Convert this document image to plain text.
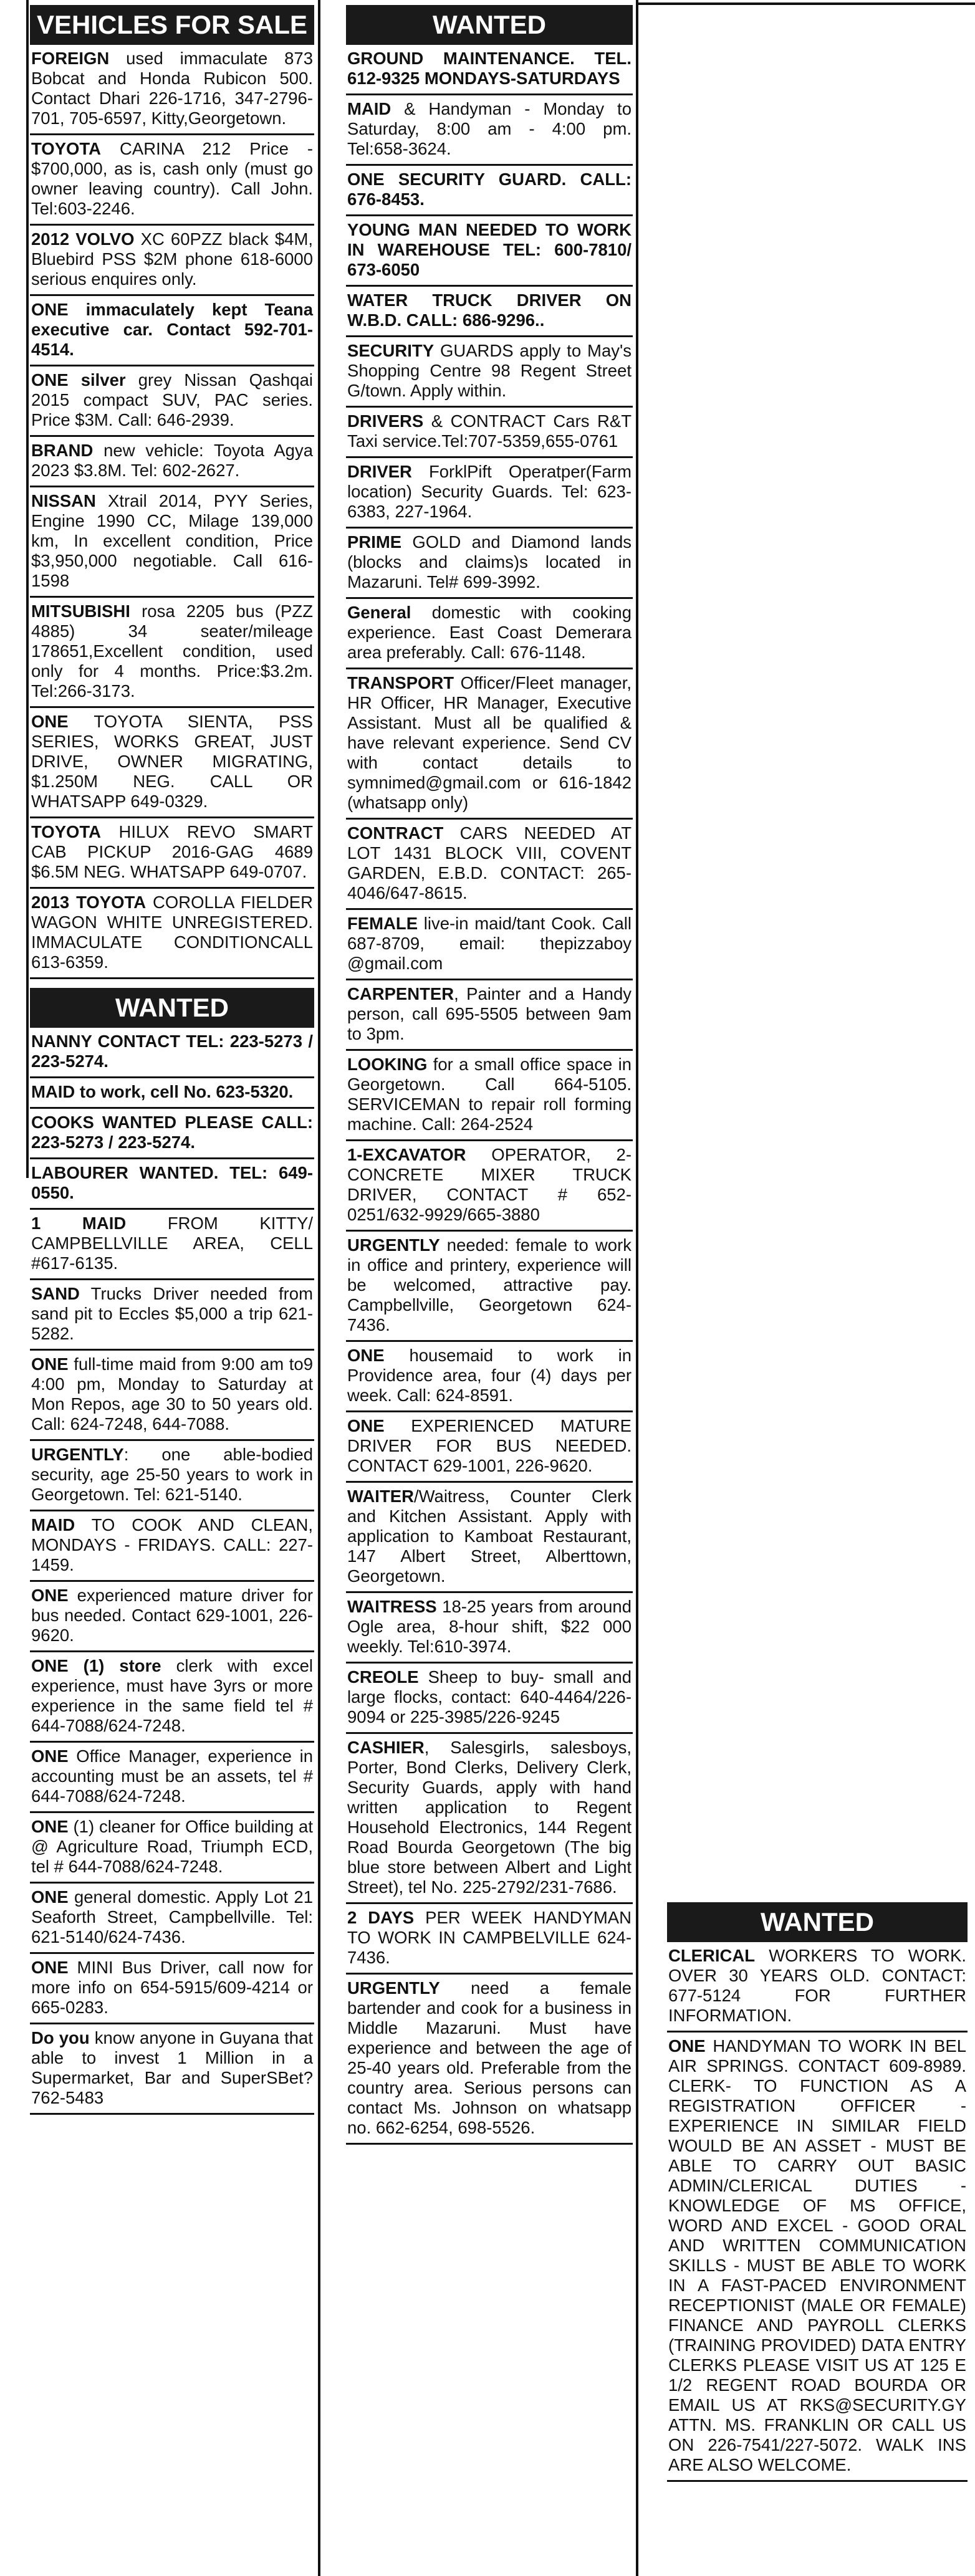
VEHICLES FOR SALE
FOREIGN used immaculate 873 Bobcat and Honda Rubicon 500. Contact Dhari 226-1716, 347-2796-701, 705-6597, Kitty,Georgetown.
TOYOTA CARINA 212 Price - $700,000, as is, cash only (must go owner leaving country). Call John. Tel:603-2246.
2012 VOLVO XC 60PZZ black $4M, Bluebird PSS $2M phone 618-6000 serious enquires only.
ONE immaculately kept Teana executive car. Contact 592-701-4514.
ONE silver grey Nissan Qashqai 2015 compact SUV, PAC series. Price $3M. Call: 646-2939.
BRAND new vehicle: Toyota Agya 2023 $3.8M. Tel: 602-2627.
NISSAN Xtrail 2014, PYY Series, Engine 1990 CC, Milage 139,000 km, In excellent condition, Price $3,950,000 negotiable. Call 616-1598
MITSUBISHI rosa 2205 bus (PZZ 4885) 34 seater/mileage 178651,Excellent condition, used only for 4 months. Price:$3.2m. Tel:266-3173.
ONE TOYOTA SIENTA, PSS SERIES, WORKS GREAT, JUST DRIVE, OWNER MIGRATING, $1.250M NEG. CALL OR WHATSAPP 649-0329.
TOYOTA HILUX REVO SMART CAB PICKUP 2016-GAG 4689 $6.5M NEG. WHATSAPP 649-0707.
2013 TOYOTA COROLLA FIELDER WAGON WHITE UNREGISTERED. IMMACULATE CONDITIONCALL 613-6359.
WANTED
NANNY CONTACT TEL: 223-5273 / 223-5274.
MAID to work, cell No. 623-5320.
COOKS WANTED PLEASE CALL: 223-5273 / 223-5274.
LABOURER WANTED. TEL: 649-0550.
1 MAID FROM KITTY/ CAMPBELLVILLE AREA, CELL #617-6135.
SAND Trucks Driver needed from sand pit to Eccles $5,000 a trip 621-5282.
ONE full-time maid from 9:00 am to9 4:00 pm, Monday to Saturday at Mon Repos, age 30 to 50 years old. Call: 624-7248, 644-7088.
URGENTLY: one able-bodied security, age 25-50 years to work in Georgetown. Tel: 621-5140.
MAID TO COOK AND CLEAN, MONDAYS - FRIDAYS. CALL: 227-1459.
ONE experienced mature driver for bus needed. Contact 629-1001, 226-9620.
ONE (1) store clerk with excel experience, must have 3yrs or more experience in the same field tel # 644-7088/624-7248.
ONE Office Manager, experience in accounting must be an assets, tel # 644-7088/624-7248.
ONE (1) cleaner for Office building at @ Agriculture Road, Triumph ECD, tel # 644-7088/624-7248.
ONE general domestic. Apply Lot 21 Seaforth Street, Campbellville. Tel: 621-5140/624-7436.
ONE MINI Bus Driver, call now for more info on 654-5915/609-4214 or 665-0283.
Do you know anyone in Guyana that able to invest 1 Million in a Supermarket, Bar and SuperSBet? 762-5483
WANTED
GROUND MAINTENANCE. TEL. 612-9325 MONDAYS-SATURDAYS
MAID & Handyman - Monday to Saturday, 8:00 am - 4:00 pm. Tel:658-3624.
ONE SECURITY GUARD. CALL: 676-8453.
YOUNG MAN NEEDED TO WORK IN WAREHOUSE TEL: 600-7810/ 673-6050
WATER TRUCK DRIVER ON W.B.D. CALL: 686-9296..
SECURITY GUARDS apply to May's Shopping Centre 98 Regent Street G/town. Apply within.
DRIVERS & CONTRACT Cars R&T Taxi service.Tel:707-5359,655-0761
DRIVER ForklPift Operatper(Farm location) Security Guards. Tel: 623-6383, 227-1964.
PRIME GOLD and Diamond lands (blocks and claims)s located in Mazaruni. Tel# 699-3992.
General domestic with cooking experience. East Coast Demerara area preferably. Call: 676-1148.
TRANSPORT Officer/Fleet manager, HR Officer, HR Manager, Executive Assistant. Must all be qualified & have relevant experience. Send CV with contact details to symnimed@gmail.com or 616-1842 (whatsapp only)
CONTRACT CARS NEEDED AT LOT 1431 BLOCK VIII, COVENT GARDEN, E.B.D. CONTACT: 265-4046/647-8615.
FEMALE live-in maid/tant Cook. Call 687-8709, email: thepizzaboy @gmail.com
CARPENTER, Painter and a Handy person, call 695-5505 between 9am to 3pm.
LOOKING for a small office space in Georgetown. Call 664-5105. SERVICEMAN to repair roll forming machine. Call: 264-2524
1-EXCAVATOR OPERATOR, 2- CONCRETE MIXER TRUCK DRIVER, CONTACT # 652-0251/632-9929/665-3880
URGENTLY needed: female to work in office and printery, experience will be welcomed, attractive pay. Campbellville, Georgetown 624-7436.
ONE housemaid to work in Providence area, four (4) days per week. Call: 624-8591.
ONE EXPERIENCED MATURE DRIVER FOR BUS NEEDED. CONTACT 629-1001, 226-9620.
WAITER/Waitress, Counter Clerk and Kitchen Assistant. Apply with application to Kamboat Restaurant, 147 Albert Street, Alberttown, Georgetown.
WAITRESS 18-25 years from around Ogle area, 8-hour shift, $22 000 weekly. Tel:610-3974.
CREOLE Sheep to buy- small and large flocks, contact: 640-4464/226-9094 or 225-3985/226-9245
CASHIER, Salesgirls, salesboys, Porter, Bond Clerks, Delivery Clerk, Security Guards, apply with hand written application to Regent Household Electronics, 144 Regent Road Bourda Georgetown (The big blue store between Albert and Light Street), tel No. 225-2792/231-7686.
2 DAYS PER WEEK HANDYMAN TO WORK IN CAMPBELVILLE 624-7436.
URGENTLY need a female bartender and cook for a business in Middle Mazaruni. Must have experience and between the age of 25-40 years old. Preferable from the country area. Serious persons can contact Ms. Johnson on whatsapp no. 662-6254, 698-5526.
WANTED
CLERICAL WORKERS TO WORK. OVER 30 YEARS OLD. CONTACT: 677-5124 FOR FURTHER INFORMATION.
ONE HANDYMAN TO WORK IN BEL AIR SPRINGS. CONTACT 609-8989. CLERK- TO FUNCTION AS A REGISTRATION OFFICER - EXPERIENCE IN SIMILAR FIELD WOULD BE AN ASSET - MUST BE ABLE TO CARRY OUT BASIC ADMIN/CLERICAL DUTIES - KNOWLEDGE OF MS OFFICE, WORD AND EXCEL - GOOD ORAL AND WRITTEN COMMUNICATION SKILLS - MUST BE ABLE TO WORK IN A FAST-PACED ENVIRONMENT RECEPTIONIST (MALE OR FEMALE) FINANCE AND PAYROLL CLERKS (TRAINING PROVIDED) DATA ENTRY CLERKS PLEASE VISIT US AT 125 E 1/2 REGENT ROAD BOURDA OR EMAIL US AT RKS@SECURITY.GY ATTN. MS. FRANKLIN OR CALL US ON 226-7541/227-5072. WALK INS ARE ALSO WELCOME.
